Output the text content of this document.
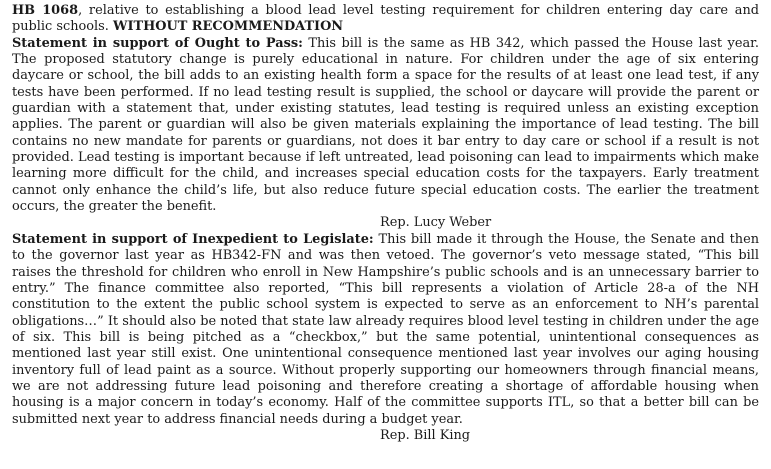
HB 1068, relative to establishing a blood lead level testing requirement for children entering day care and public schools. WITHOUT RECOMMENDATION

Statement in support of Ought to Pass: This bill is the same as HB 342, which passed the House last year. The proposed statutory change is purely educational in nature. For children under the age of six entering daycare or school, the bill adds to an existing health form a space for the results of at least one lead test, if any tests have been performed. If no lead testing result is supplied, the school or daycare will provide the parent or guardian with a statement that, under existing statutes, lead testing is required unless an existing exception applies. The parent or guardian will also be given materials explaining the importance of lead testing. The bill contains no new mandate for parents or guardians, not does it bar entry to day care or school if a result is not provided. Lead testing is important because if left untreated, lead poisoning can lead to impairments which make learning more difficult for the child, and increases special education costs for the taxpayers. Early treatment cannot only enhance the child’s life, but also reduce future special education costs. The earlier the treatment occurs, the greater the benefit.

Rep. Lucy Weber

Statement in support of Inexpedient to Legislate: This bill made it through the House, the Senate and then to the governor last year as HB342-FN and was then vetoed. The governor’s veto message stated, “This bill raises the threshold for children who enroll in New Hampshire’s public schools and is an unnecessary barrier to entry.” The finance committee also reported, “This bill represents a violation of Article 28-a of the NH constitution to the extent the public school system is expected to serve as an enforcement to NH’s parental obligations…” It should also be noted that state law already requires blood level testing in children under the age of six. This bill is being pitched as a “checkbox,” but the same potential, unintentional consequences as mentioned last year still exist. One unintentional consequence mentioned last year involves our aging housing inventory full of lead paint as a source. Without properly supporting our homeowners through financial means, we are not addressing future lead poisoning and therefore creating a shortage of affordable housing when housing is a major concern in today’s economy. Half of the committee supports ITL, so that a better bill can be submitted next year to address financial needs during a budget year.

Rep. Bill King
